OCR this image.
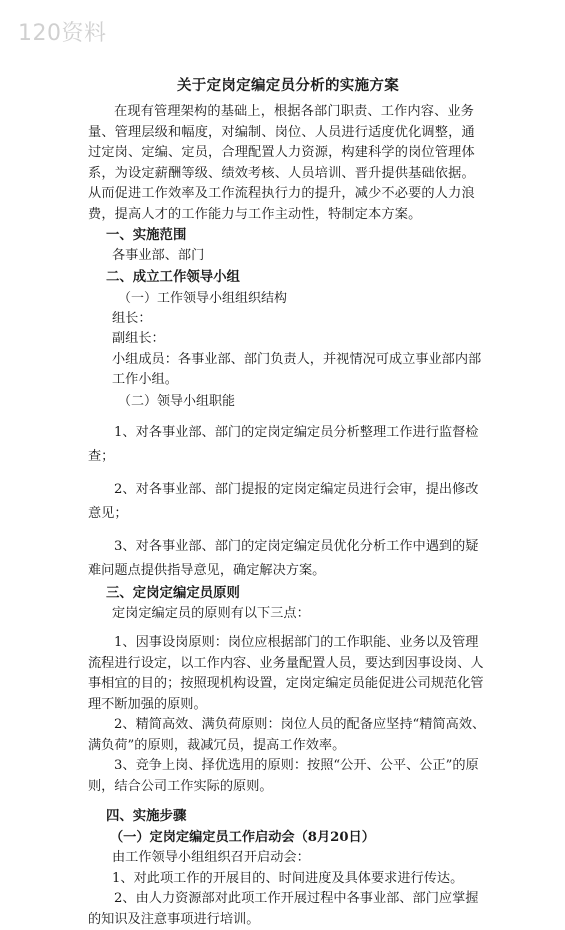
120资料
关于定岗定编定员分析的实施方案

在现有管理架构的基础上，根据各部门职责、工作内容、业务量、管理层级和幅度，对编制、岗位、人员进行适度优化调整，通过定岗、定编、定员，合理配置人力资源，构建科学的岗位管理体系，为设定薪酬等级、绩效考核、人员培训、晋升提供基础依据。从而促进工作效率及工作流程执行力的提升，减少不必要的人力浪费，提高人才的工作能力与工作主动性，特制定本方案。

一、实施范围

各事业部、部门

二、成立工作领导小组
（一）工作领导小组组织结构

组长：

副组长：

小组成员：各事业部、部门负责人，并视情况可成立事业部内部工作小组。

（二）领导小组职能

1、对各事业部、部门的定岗定编定员分析整理工作进行监督检查；

2、对各事业部、部门提报的定岗定编定员进行会审，提出修改意见；

3、对各事业部、部门的定岗定编定员优化分析工作中遇到的疑难问题点提供指导意见，确定解决方案。

三、定岗定编定员原则

定岗定编定员的原则有以下三点：

1、因事设岗原则：岗位应根据部门的工作职能、业务以及管理流程进行设定，以工作内容、业务量配置人员，要达到因事设岗、人事相宜的目的；按照现机构设置，定岗定编定员能促进公司规范化管理不断加强的原则。

2、精简高效、满负荷原则：岗位人员的配备应坚持“精简高效、满负荷”的原则，裁减冗员，提高工作效率。

3、竞争上岗、择优选用的原则：按照“公开、公平、公正”的原则，结合公司工作实际的原则。

四、实施步骤
（一）定岗定编定员工作启动会（8月20日）

由工作领导小组组织召开启动会：

1、对此项工作的开展目的、时间进度及具体要求进行传达。

2、由人力资源部对此项工作开展过程中各事业部、部门应掌握的知识及注意事项进行培训。
